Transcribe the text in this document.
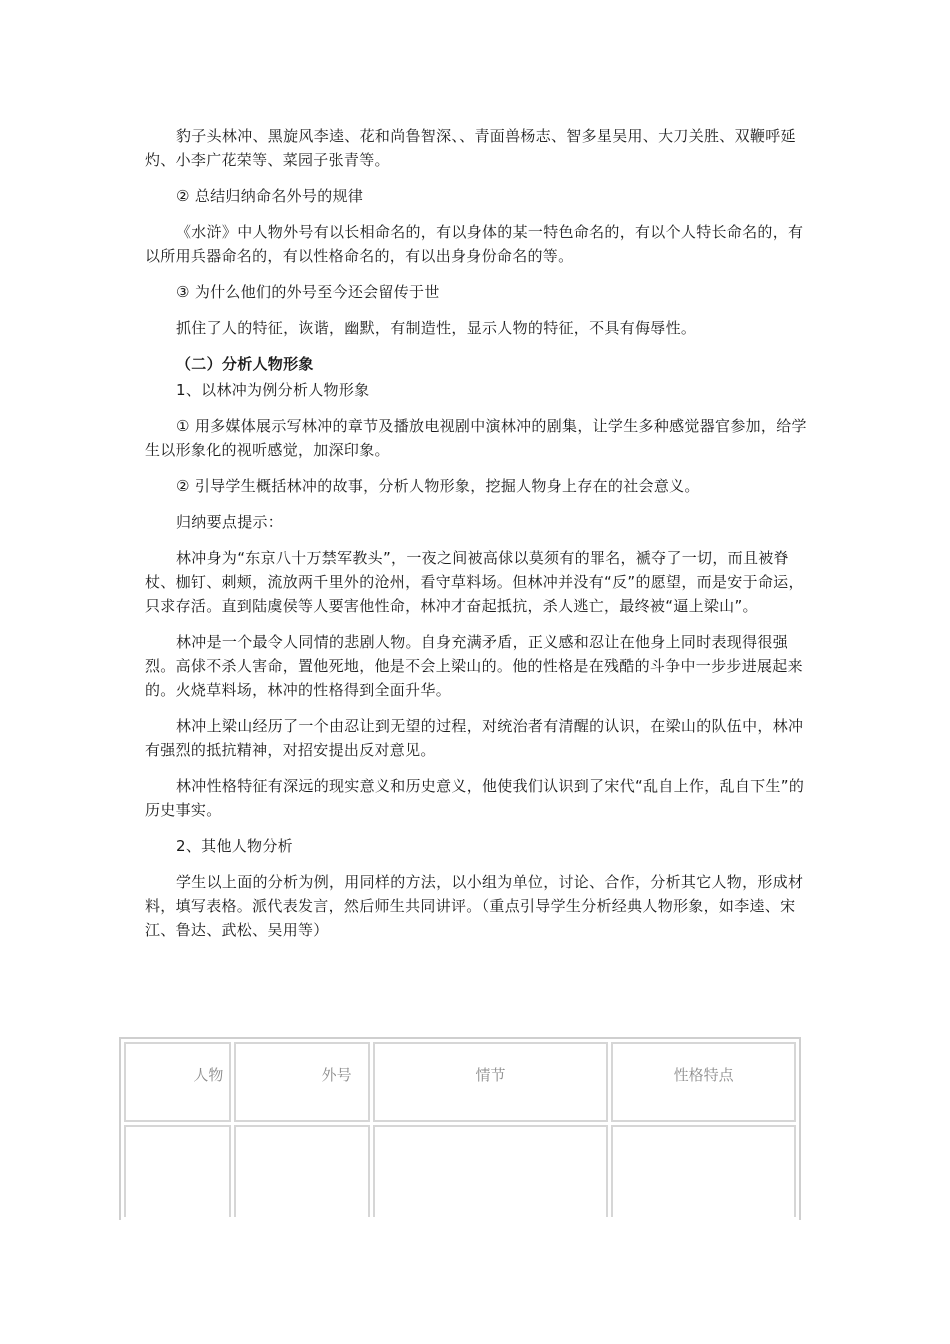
豹子头林冲、黑旋风李逵、花和尚鲁智深、、青面兽杨志、智多星吴用、大刀关胜、双鞭呼延灼、小李广花荣等、菜园子张青等。

② 总结归纳命名外号的规律

《水浒》中人物外号有以长相命名的，有以身体的某一特色命名的，有以个人特长命名的，有以所用兵器命名的，有以性格命名的，有以出身身份命名的等。

③ 为什么他们的外号至今还会留传于世

抓住了人的特征，诙谐，幽默，有制造性，显示人物的特征，不具有侮辱性。

（二）分析人物形象

1、以林冲为例分析人物形象

① 用多媒体展示写林冲的章节及播放电视剧中演林冲的剧集，让学生多种感觉器官参加，给学生以形象化的视听感觉，加深印象。

② 引导学生概括林冲的故事，分析人物形象，挖掘人物身上存在的社会意义。

归纳要点提示：

林冲身为“东京八十万禁军教头”，一夜之间被高俅以莫须有的罪名，褫夺了一切，而且被脊杖、枷钉、刺颊，流放两千里外的沧州，看守草料场。但林冲并没有“反”的愿望，而是安于命运，只求存活。直到陆虞侯等人要害他性命，林冲才奋起抵抗，杀人逃亡，最终被“逼上梁山”。

林冲是一个最令人同情的悲剧人物。自身充满矛盾，正义感和忍让在他身上同时表现得很强烈。高俅不杀人害命，置他死地，他是不会上梁山的。他的性格是在残酷的斗争中一步步进展起来的。火烧草料场，林冲的性格得到全面升华。

林冲上梁山经历了一个由忍让到无望的过程，对统治者有清醒的认识，在梁山的队伍中，林冲有强烈的抵抗精神，对招安提出反对意见。

林冲性格特征有深远的现实意义和历史意义，他使我们认识到了宋代“乱自上作，乱自下生”的历史事实。

2、其他人物分析

学生以上面的分析为例，用同样的方法，以小组为单位，讨论、合作，分析其它人物，形成材料，填写表格。派代表发言，然后师生共同讲评。（重点引导学生分析经典人物形象，如李逵、宋江、鲁达、武松、吴用等）

人物	外号	情节	性格特点
